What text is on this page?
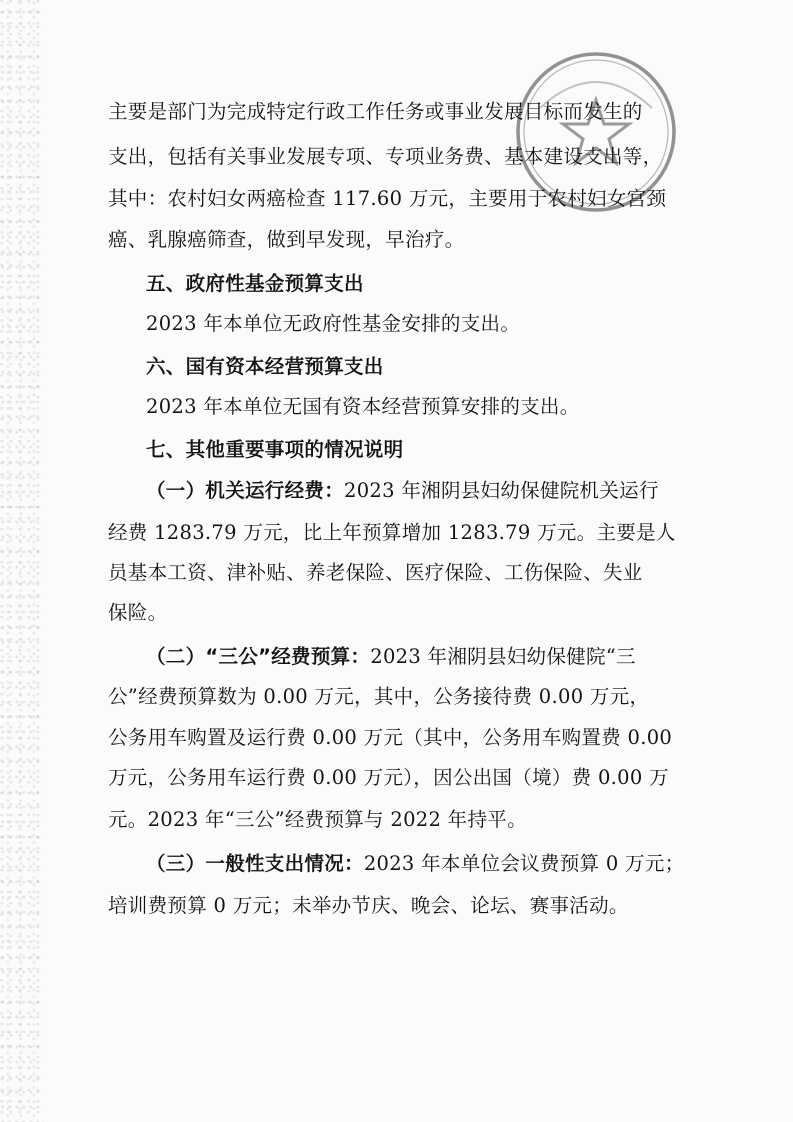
主要是部门为完成特定行政工作任务或事业发展目标而发生的
支出，包括有关事业发展专项、专项业务费、基本建设支出等，
其中：农村妇女两癌检查 117.60 万元，主要用于农村妇女宫颈
癌、乳腺癌筛查，做到早发现，早治疗。
五、政府性基金预算支出
2023 年本单位无政府性基金安排的支出。
六、国有资本经营预算支出
2023 年本单位无国有资本经营预算安排的支出。
七、其他重要事项的情况说明
（一）机关运行经费：2023 年湘阴县妇幼保健院机关运行
经费 1283.79 万元，比上年预算增加 1283.79 万元。主要是人
员基本工资、津补贴、养老保险、医疗保险、工伤保险、失业
保险。
（二）“三公”经费预算：2023 年湘阴县妇幼保健院“三
公”经费预算数为 0.00 万元，其中，公务接待费 0.00 万元，
公务用车购置及运行费 0.00 万元（其中，公务用车购置费 0.00
万元，公务用车运行费 0.00 万元），因公出国（境）费 0.00 万
元。2023 年“三公”经费预算与 2022 年持平。
（三）一般性支出情况：2023 年本单位会议费预算 0 万元；
培训费预算 0 万元；未举办节庆、晚会、论坛、赛事活动。
